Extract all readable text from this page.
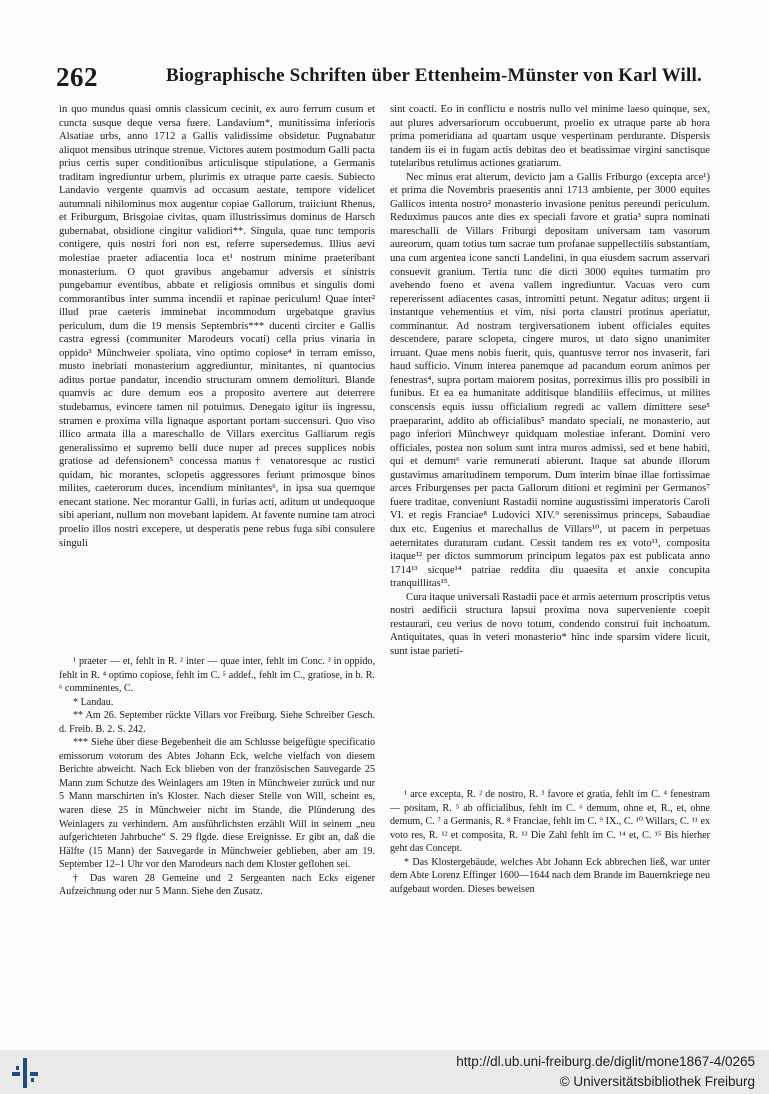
262	Biographische Schriften über Ettenheim-Münster von Karl Will.

in quo mundus quasi omnis classicum cecinit, ex auro ferrum cusum et cuncta susque deque versa fuere. Landavium*, munitissima inferioris Alsatiae urbs, anno 1712 a Gallis validissime obsidetur. Pugnabatur aliquot mensibus utrinque strenue. Victores autem postmodum Galli pacta prius certis super conditionibus articulisque stipulatione, a Germanis traditam ingrediuntur urbem, plurimis ex utraque parte caesis. Subiecto Landavio vergente quamvis ad occasum aestate, tempore videlicet autumnali nihilominus mox augentur copiae Gallorum, traiiciunt Rhenus, et Friburgum, Brisgoiae civitas, quam illustrissimus dominus de Harsch gubernabat, obsidione cingitur validiori**. Singula, quae tunc temporis contigere, quis nostri fori non est, referre supersedemus. Illius aevi molestiae praeter adiacentia loca et¹ nostrum minime praeteribant monasterium. O quot gravibus angebamur adversis et sinistris pungebamur eventibus, abbate et religiosis omnibus et singulis domi commorantibus inter summa incendii et rapinae periculum! Quae inter² illud prae caeteris imminebat incommodum urgebatque gravius periculum, dum die 19 mensis Septembris*** ducenti circiter e Gallis castra egressi (communiter Marodeurs vocati) cella prius vinaria in oppido³ Münchweier spoliata, vino optimo copiose⁴ in terram emisso, musto inebriati monasterium aggrediuntur, minitantes, ni quantocius aditus portae pandatur, incendio structuram omnem demoliturі. Blande quamvis ac dure demum eos a proposito avertere aut deterrere studebamus, evincere tamen nil potuimus. Denegato igitur iis ingressu, stramen e proxima villa lignaque asportant portam succensuri. Quo viso illico armata illa a mareschallo de Villars exercitus Galliarum regis generalissimo et supremo belli duce nuper ad preces supplices nobis gratiose ad defensionem⁵ concessa manus† venatoresque ac rustici quidam, hic morantes, sclopetis aggressores feriunt primosque binos milites, caeterorum duces, incendium minitantes⁶, in ipsa sua quemque enecant statione. Nec morantur Galli, in furias acti, aditum ut undequoque sibi aperiant, nullum non movebant lapidem. At favente numine tam atroci proelio illos nostri excepere, ut desperatis pene rebus fuga sibi consulere singuli

¹ praeter — et, fehlt in R. ² inter — quae inter, fehlt im Conc. ³ in oppido, fehlt in R. ⁴ optimo copiose, fehlt im C. ⁵ addef., fehlt im C., gratiose, in b. R. ⁶ comminentes, C.

* Landau.

** Am 26. September rückte Villars vor Freiburg. Siehe Schreiber Gesch. d. Freib. B. 2. S. 242.

*** Siehe über diese Begebenheit die am Schlusse beigefügte specificatio emissorum votorum des Abtes Johann Eck, welche vielfach von diesem Berichte abweicht. Nach Eck blieben von der französischen Sauvegarde 25 Mann zum Schutze des Weinlagers am 19ten in Münchweier zurück und nur 5 Mann marschirten in's Kloster. Nach dieser Stelle von Will, scheint es, waren diese 25 in Münchweier nicht im Stande, die Plünderung des Weinlagers zu verhindern. Am ausführlichsten erzählt Will in seinem „neu aufgerichteten Jahrbuche“ S. 29 flgde. diese Ereignisse. Er gibt an, daß die Hälfte (15 Mann) der Sauvegarde in Münchweier geblieben, aber am 19. September 12–1 Uhr vor den Marodeurs nach dem Kloster geflohen sei.

† Das waren 28 Gemeine und 2 Sergeanten nach Ecks eigener Aufzeichnung oder nur 5 Mann. Siehe den Zusatz.

sint coacti. Eo in conflictu e nostris nullo vel minime laeso quinque, sex, aut plures adversariorum occubuerunt, proelio ex utraque parte ab hora prima pomeridiana ad quartam usque vespertinam perdurante. Dispersis tandem iis ei in fugam actis debitas deo et beatissimae virgini sanctisque tutelaribus retulimus actiones gratiarum.

Nec minus erat alterum, devicto jam a Gallis Friburgo (excepta arce¹) et prima die Novembris praesentis anni 1713 ambiente, per 3000 equites Gallicos intenta nostro² monasterio invasione penitus pereundi periculum. Reduximus paucos ante dies ex speciali favore et gratia³ supra nominati mareschalli de Villars Friburgi depositam universam tam vasorum aureorum, quam totius tum sacrae tum profanae suppellectilis substantiam, una cum argentea icone sancti Landelini, in qua eiusdem sacrum asservari consuevit granium. Tertia tunc die dicti 3000 equites turmatim pro avehendo foeno et avena vallem ingrediuntur. Vacuas vero cum repererissent adiacentes casas, intromitti petunt. Negatur aditus; urgent ii instantque vehementius et vim, nisi porta claustri protinus aperiatur, comminantur. Ad nostram tergiversationem iubent officiales equites descendere, parare sclopeta, cingere muros, ut dato signo unanimiter irruant. Quae mens nobis fuerit, quis, quantusve terror nos invaserit, fari haud sufficio. Vinum interea panemque ad pacandum eorum animos per fenestras⁴, supra portam maiorem positas, porreximus illis pro possibili in funibus. Et ea ea humanitate additisque blandiliis effecimus, ut milites conscensis equis iussu officialium regredi ac vallem dimittere sese⁵ praepararint, addito ab officialibus⁵ mandato speciali, ne monasterio, aut pago inferiori Münchweyr quidquam molestiae inferant. Domini vero officiales, postea non solum sunt intra muros admissi, sed et bene habiti, qui et demum⁶ varie remunerati abierunt. Itaque sat abunde illorum gustavimus amaritudinem temporum. Dum interim binae illae fortissimae arces Friburgenses per pacta Gallorum ditioni et regimini per Germanos⁷ fuere traditae, conveniunt Rastadii nomine augustissimi imperatoris Caroli VI. et regis Franciae⁸ Ludovici XIV.⁹ serenissimus princeps, Sabaudiae dux etc. Eugenius et marechallus de Villars¹⁰, ut pacem in perpetuas aeternitates duraturam cudant. Cessit tandem res ex voto¹¹, composita itaque¹² per dictos summorum principum legatos pax est publicata anno 1714¹³ sicque¹⁴ patriae reddita diu quaesita et anxie concupita tranquillitas¹⁵.

Cura itaque universali Rastadii pace et armis aeternum proscriptis vetus nostri aedificii structura lapsui proxima nova superveniente coepit restaurari, ceu verius de novo totum, condendo construi fuit inchoatum. Antiquitates, quas in veteri monasterio* hinc inde sparsim videre licuit, sunt istae parieti-

¹ arce excepta, R. ² de nostro, R. ³ favore et gratia, fehlt im C. ⁴ fenestram — positam, R. ⁵ ab officialibus, fehlt im C. ⁶ demum, ohne et, R., et, ohne demum, C. ⁷ a Germanis, R. ⁸ Franciae, fehlt im C. ⁹ IX., C. ¹⁰ Willars, C. ¹¹ ex voto res, R. ¹² et composita, R. ¹³ Die Zahl fehlt im C. ¹⁴ et, C. ¹⁵ Bis hierher geht das Concept.

* Das Klostergebäude, welches Abt Johann Eck abbrechen ließ, war unter dem Abte Lorenz Effinger 1600—1644 nach dem Brande im Bauernkriege neu aufgebaut worden. Dieses beweisen

http://dl.ub.uni-freiburg.de/diglit/mone1867-4/0265
© Universitätsbibliothek Freiburg
